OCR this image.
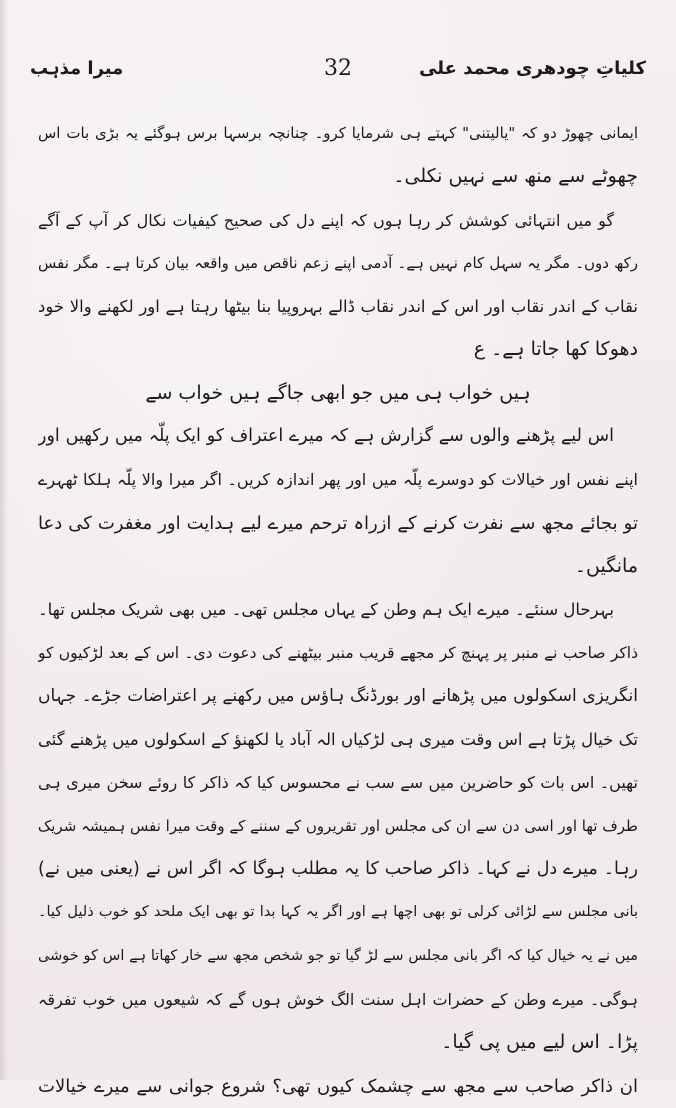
کلیاتِ چودھری محمد علی
32
میرا مذہب
ایمانی چھوڑ دو کہ "یالیتنی" کہتے ہی شرمایا کرو۔ چنانچہ برسہا برس ہوگئے یہ بڑی بات اس
چھوٹے سے منھ سے نہیں نکلی۔
گو میں انتہائی کوشش کر رہا ہوں کہ اپنے دل کی صحیح کیفیات نکال کر آپ کے آگے
رکھ دوں۔ مگر یہ سہل کام نہیں ہے۔ آدمی اپنے زعم ناقص میں واقعہ بیان کرتا ہے۔ مگر نفس
نقاب کے اندر نقاب اور اس کے اندر نقاب ڈالے بہروپیا بنا بیٹھا رہتا ہے اور لکھنے والا خود
دھوکا کھا جاتا ہے۔ ع
ہیں خواب ہی میں جو ابھی جاگے ہیں خواب سے
اس لیے پڑھنے والوں سے گزارش ہے کہ میرے اعتراف کو ایک پلّہ میں رکھیں اور
اپنے نفس اور خیالات کو دوسرے پلّہ میں اور پھر اندازہ کریں۔ اگر میرا والا پلّہ ہلکا ٹھہرے
تو بجائے مجھ سے نفرت کرنے کے ازراہ ترحم میرے لیے ہدایت اور مغفرت کی دعا
مانگیں۔
بہرحال سنئے۔ میرے ایک ہم وطن کے یہاں مجلس تھی۔ میں بھی شریک مجلس تھا۔
ذاکر صاحب نے منبر پر پہنچ کر مجھے قریب منبر بیٹھنے کی دعوت دی۔ اس کے بعد لڑکیوں کو
انگریزی اسکولوں میں پڑھانے اور بورڈنگ ہاؤس میں رکھنے پر اعتراضات جڑے۔ جہاں
تک خیال پڑتا ہے اس وقت میری ہی لڑکیاں الہ آباد یا لکھنؤ کے اسکولوں میں پڑھنے گئی
تھیں۔ اس بات کو حاضرین میں سے سب نے محسوس کیا کہ ذاکر کا روئے سخن میری ہی
طرف تھا اور اسی دن سے ان کی مجلس اور تقریروں کے سننے کے وقت میرا نفس ہمیشہ شریک
رہا۔ میرے دل نے کہا۔ ذاکر صاحب کا یہ مطلب ہوگا کہ اگر اس نے (یعنی میں نے)
بانی مجلس سے لڑائی کرلی تو بھی اچھا ہے اور اگر یہ کہا بدا تو بھی ایک ملحد کو خوب ذلیل کیا۔
میں نے یہ خیال کیا کہ اگر بانی مجلس سے لڑ گیا تو جو شخص مجھ سے خار کھاتا ہے اس کو خوشی
ہوگی۔ میرے وطن کے حضرات اہل سنت الگ خوش ہوں گے کہ شیعوں میں خوب تفرقہ
پڑا۔ اس لیے میں پی گیا۔
ان ذاکر صاحب سے مجھ سے چشمک کیوں تھی؟ شروع جوانی سے میرے خیالات
